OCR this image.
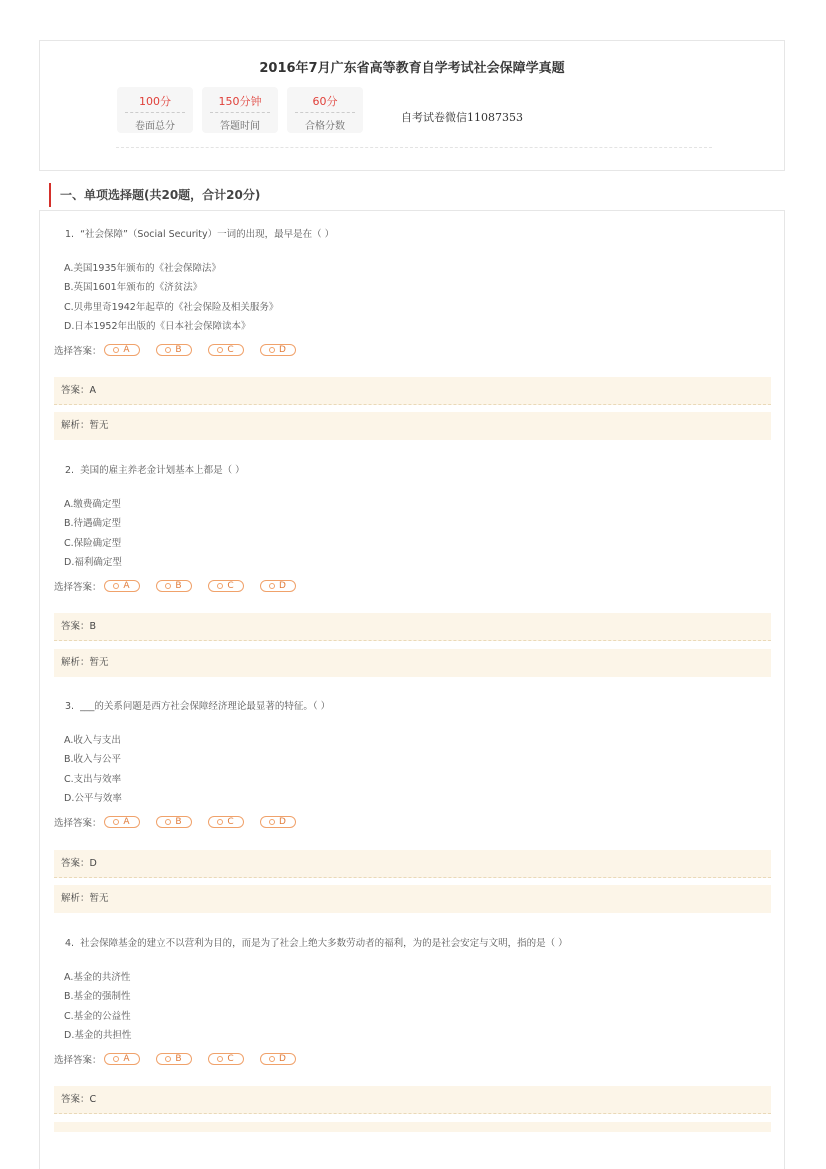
2016年7月广东省高等教育自学考试社会保障学真题
100分
卷面总分
150分钟
答题时间
60分
合格分数
自考试卷微信11087353
一、单项选择题(共20题，合计20分)
1. “社会保障”（Social Security）一词的出现，最早是在（ ）
A.美国1935年颁布的《社会保障法》
B.英国1601年颁布的《济贫法》
C.贝弗里奇1942年起草的《社会保险及相关服务》
D.日本1952年出版的《日本社会保障读本》
选择答案： A	B	C	D
答案：A
解析：暂无
2. 美国的雇主养老金计划基本上都是（ ）
A.缴费确定型
B.待遇确定型
C.保险确定型
D.福利确定型
选择答案： A	B	C	D
答案：B
解析：暂无
3. ___的关系问题是西方社会保障经济理论最显著的特征。（ ）
A.收入与支出
B.收入与公平
C.支出与效率
D.公平与效率
选择答案： A	B	C	D
答案：D
解析：暂无
4. 社会保障基金的建立不以营利为目的，而是为了社会上绝大多数劳动者的福利，为的是社会安定与文明，指的是（ ）
A.基金的共济性
B.基金的强制性
C.基金的公益性
D.基金的共担性
选择答案： A	B	C	D
答案：C
